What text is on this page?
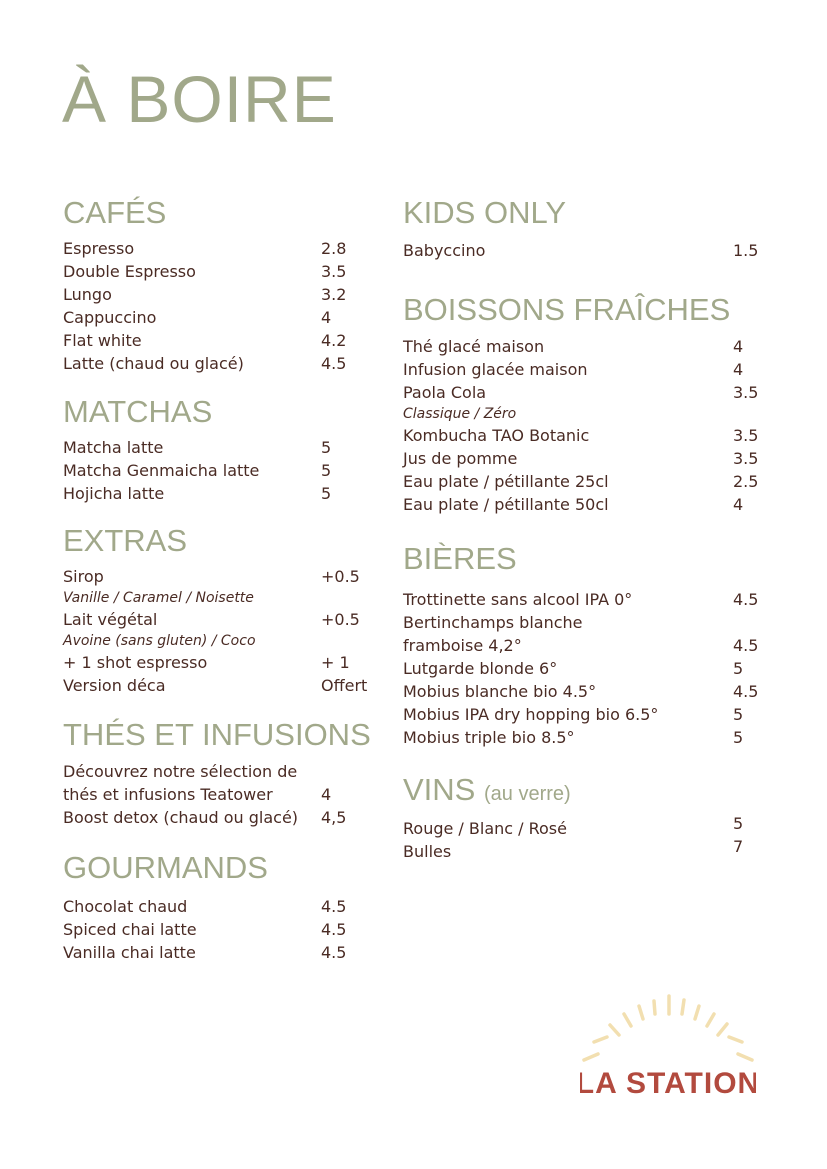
À BOIRE
CAFÉS
Espresso	2.8
Double Espresso	3.5
Lungo	3.2
Cappuccino	4
Flat white	4.2
Latte (chaud ou glacé)	4.5
MATCHAS
Matcha latte	5
Matcha Genmaicha latte	5
Hojicha latte	5
EXTRAS
Sirop	+0.5
Vanille / Caramel / Noisette
Lait végétal	+0.5
Avoine (sans gluten) / Coco
+ 1 shot espresso	+ 1
Version déca	Offert
THÉS ET INFUSIONS
Découvrez notre sélection de thés et infusions Teatower	4
Boost detox (chaud ou glacé) 4,5
GOURMANDS
Chocolat chaud	4.5
Spiced chai latte	4.5
Vanilla chai latte	4.5
KIDS ONLY
Babyccino	1.5
BOISSONS FRAÎCHES
Thé glacé maison	4
Infusion glacée maison	4
Paola Cola	3.5
Classique / Zéro
Kombucha TAO Botanic	3.5
Jus de pomme	3.5
Eau plate / pétillante 25cl	2.5
Eau plate / pétillante 50cl	4
BIÈRES
Trottinette sans alcool IPA 0°	4.5
Bertinchamps blanche framboise 4,2°	4.5
Lutgarde blonde 6°	5
Mobius blanche bio 4.5°	4.5
Mobius IPA dry hopping bio 6.5°	5
Mobius triple bio 8.5°	5
VINS (au verre)
Rouge / Blanc / Rosé	5
Bulles	7
LA STATION
